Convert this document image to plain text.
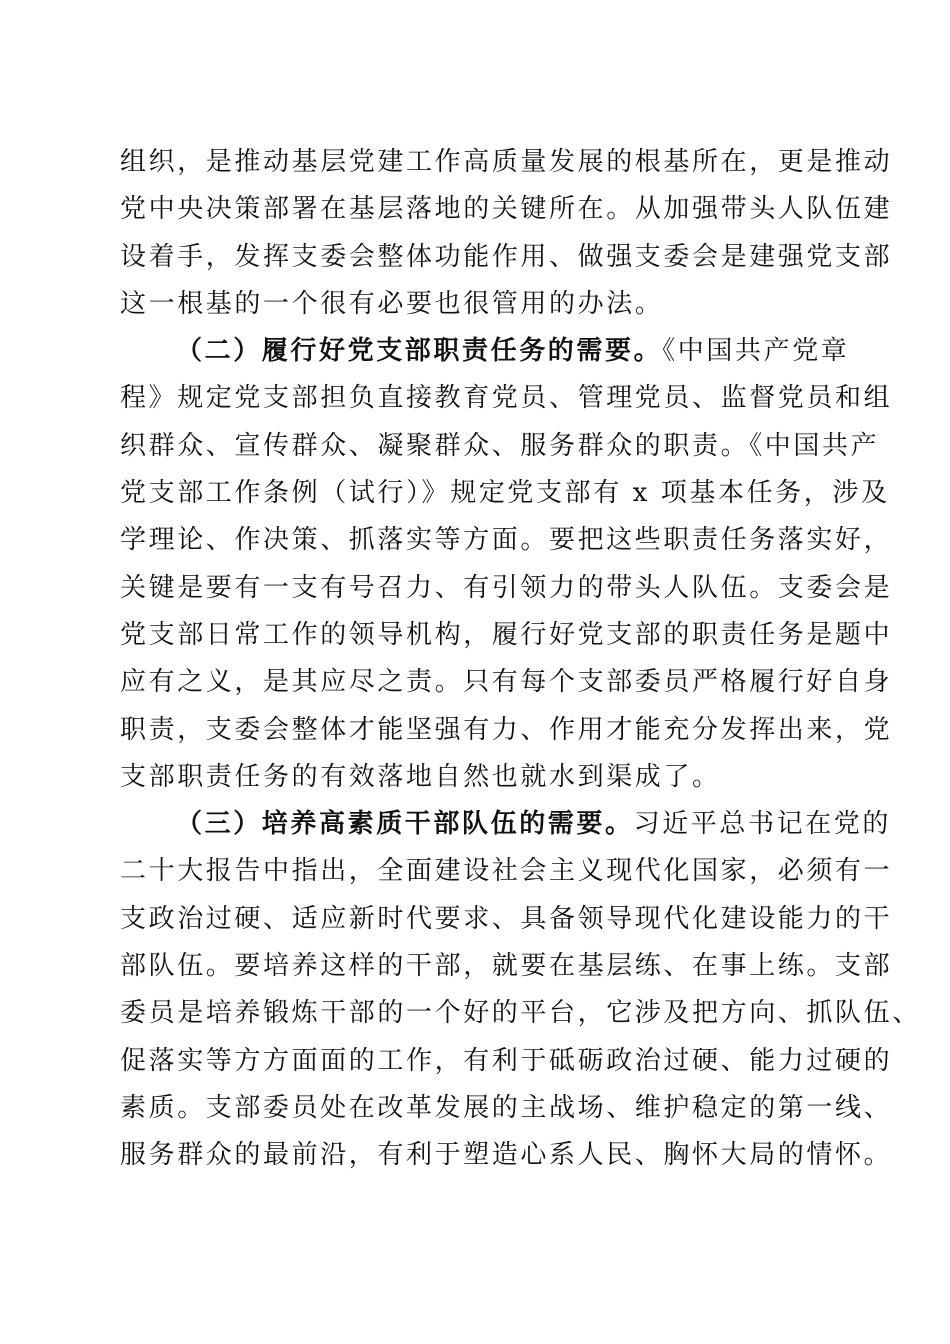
组织，是推动基层党建工作高质量发展的根基所在，更是推动
党中央决策部署在基层落地的关键所在。从加强带头人队伍建
设着手，发挥支委会整体功能作用、做强支委会是建强党支部
这一根基的一个很有必要也很管用的办法。
（二）履行好党支部职责任务的需要。《中国共产党章
程》规定党支部担负直接教育党员、管理党员、监督党员和组
织群众、宣传群众、凝聚群众、服务群众的职责。《中国共产
党支部工作条例（试行）》规定党支部有 x 项基本任务，涉及
学理论、作决策、抓落实等方面。要把这些职责任务落实好，
关键是要有一支有号召力、有引领力的带头人队伍。支委会是
党支部日常工作的领导机构，履行好党支部的职责任务是题中
应有之义，是其应尽之责。只有每个支部委员严格履行好自身
职责，支委会整体才能坚强有力、作用才能充分发挥出来，党
支部职责任务的有效落地自然也就水到渠成了。
（三）培养高素质干部队伍的需要。习近平总书记在党的
二十大报告中指出，全面建设社会主义现代化国家，必须有一
支政治过硬、适应新时代要求、具备领导现代化建设能力的干
部队伍。要培养这样的干部，就要在基层练、在事上练。支部
委员是培养锻炼干部的一个好的平台，它涉及把方向、抓队伍、
促落实等方方面面的工作，有利于砥砺政治过硬、能力过硬的
素质。支部委员处在改革发展的主战场、维护稳定的第一线、
服务群众的最前沿，有利于塑造心系人民、胸怀大局的情怀。
